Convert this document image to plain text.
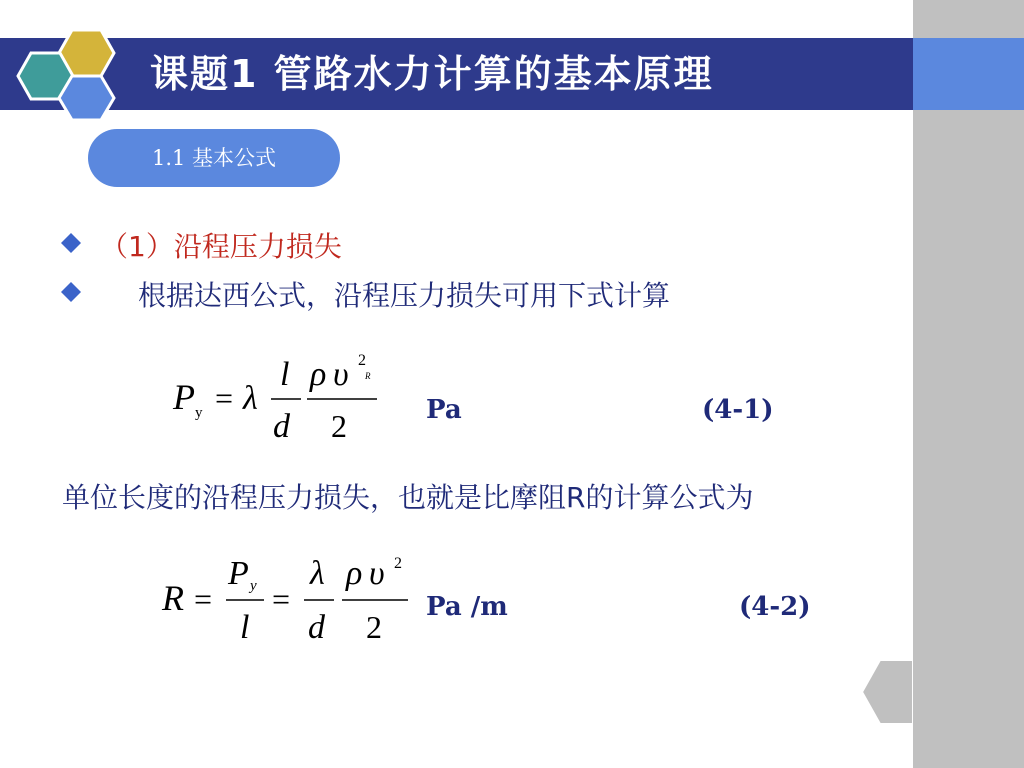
课题1 管路水力计算的基本原理
1.1 基本公式
（1）沿程压力损失
根据达西公式，沿程压力损失可用下式计算
P y = λ
l
d
ρ υ 2
R
2	Pa	(4-1)
单位长度的沿程压力损失，也就是比摩阻R的计算公式为
R =
P y
l
=
λ
d
ρ υ 2
2
Pa /m	(4-2)
